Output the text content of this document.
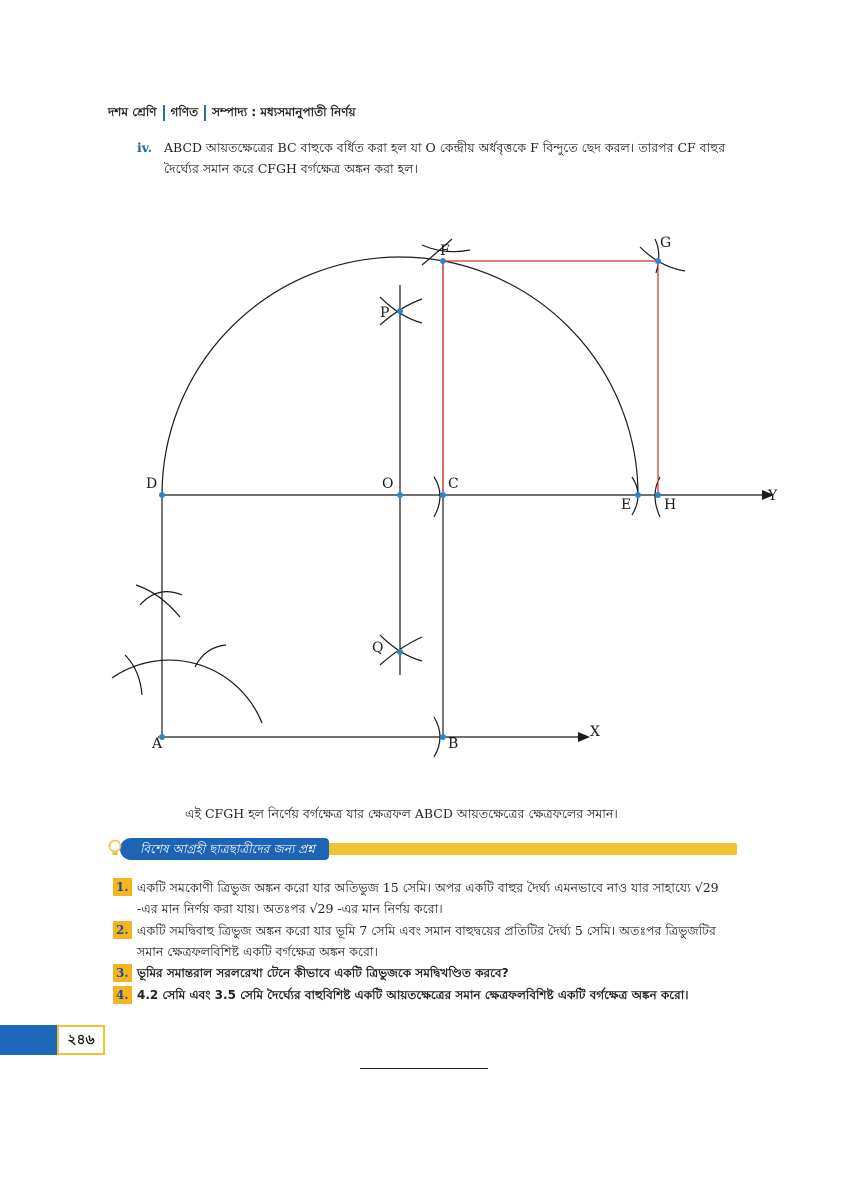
দশম শ্রেণি গণিত সম্পাদ্য : মধ্যসমানুপাতী নির্ণয়
iv. ABCD আয়তক্ষেত্রের BC বাহুকে বর্ধিত করা হল যা O কেন্দ্রীয় অর্ধবৃত্তকে F বিন্দুতে ছেদ করল। তারপর CF বাহুর দৈর্ঘ্যের সমান করে CFGH বর্গক্ষেত্র অঙ্কন করা হল।
F	G
P
D	O	C
E H
Y
Q
A	B
X
এই CFGH হল নির্ণেয় বর্গক্ষেত্র যার ক্ষেত্রফল ABCD আয়তক্ষেত্রের ক্ষেত্রফলের সমান।
বিশেষ আগ্রহী ছাত্রছাত্রীদের জন্য প্রশ্ন
1. একটি সমকোণী ত্রিভুজ অঙ্কন করো যার অতিভুজ 15 সেমি। অপর একটি বাহুর দৈর্ঘ্য এমনভাবে নাও যার সাহায্যে √29 -এর মান নির্ণয় করা যায়। অতঃপর √29 -এর মান নির্ণয় করো।
2. একটি সমদ্বিবাহু ত্রিভুজ অঙ্কন করো যার ভূমি 7 সেমি এবং সমান বাহুদ্বয়ের প্রতিটির দৈর্ঘ্য 5 সেমি। অতঃপর ত্রিভুজটির সমান ক্ষেত্রফলবিশিষ্ট একটি বর্গক্ষেত্র অঙ্কন করো।
3. ভূমির সমান্তরাল সরলরেখা টেনে কীভাবে একটি ত্রিভুজকে সমদ্বিখণ্ডিত করবে?
4. 4.2 সেমি এবং 3.5 সেমি দৈর্ঘ্যের বাহুবিশিষ্ট একটি আয়তক্ষেত্রের সমান ক্ষেত্রফলবিশিষ্ট একটি বর্গক্ষেত্র অঙ্কন করো।
২৪৬
